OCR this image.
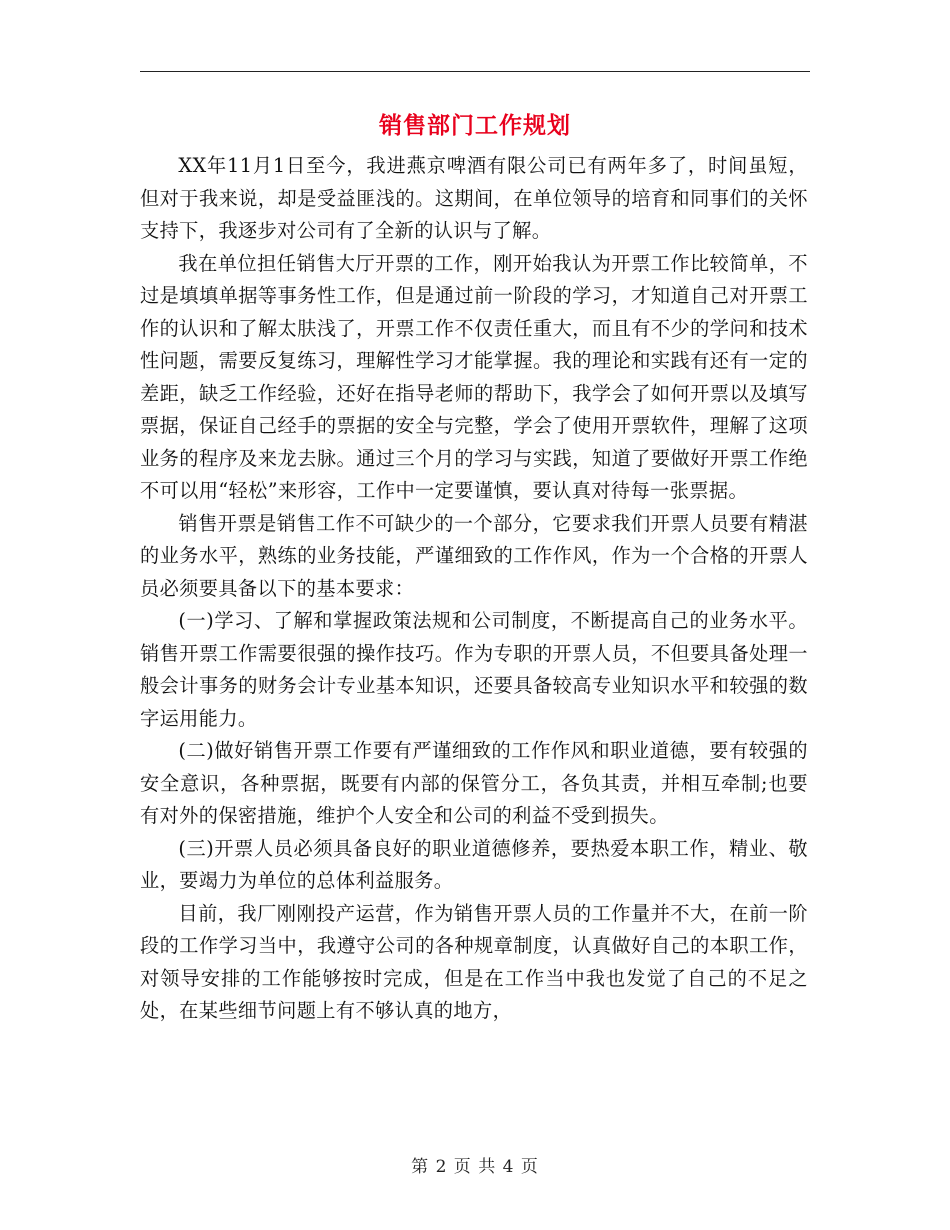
销售部门工作规划

XX年11月1日至今，我进燕京啤酒有限公司已有两年多了，时间虽短，但对于我来说，却是受益匪浅的。这期间，在单位领导的培育和同事们的关怀支持下，我逐步对公司有了全新的认识与了解。

我在单位担任销售大厅开票的工作，刚开始我认为开票工作比较简单，不过是填填单据等事务性工作，但是通过前一阶段的学习，才知道自己对开票工作的认识和了解太肤浅了，开票工作不仅责任重大，而且有不少的学问和技术性问题，需要反复练习，理解性学习才能掌握。我的理论和实践有还有一定的差距，缺乏工作经验，还好在指导老师的帮助下，我学会了如何开票以及填写票据，保证自己经手的票据的安全与完整，学会了使用开票软件，理解了这项业务的程序及来龙去脉。通过三个月的学习与实践，知道了要做好开票工作绝不可以用“轻松”来形容，工作中一定要谨慎，要认真对待每一张票据。

销售开票是销售工作不可缺少的一个部分，它要求我们开票人员要有精湛的业务水平，熟练的业务技能，严谨细致的工作作风，作为一个合格的开票人员必须要具备以下的基本要求：

(一)学习、了解和掌握政策法规和公司制度，不断提高自己的业务水平。销售开票工作需要很强的操作技巧。作为专职的开票人员，不但要具备处理一般会计事务的财务会计专业基本知识，还要具备较高专业知识水平和较强的数字运用能力。

(二)做好销售开票工作要有严谨细致的工作作风和职业道德，要有较强的安全意识，各种票据，既要有内部的保管分工，各负其责，并相互牵制;也要有对外的保密措施，维护个人安全和公司的利益不受到损失。

(三)开票人员必须具备良好的职业道德修养，要热爱本职工作，精业、敬业，要竭力为单位的总体利益服务。

目前，我厂刚刚投产运营，作为销售开票人员的工作量并不大，在前一阶段的工作学习当中，我遵守公司的各种规章制度，认真做好自己的本职工作，对领导安排的工作能够按时完成，但是在工作当中我也发觉了自己的不足之处，在某些细节问题上有不够认真的地方，

第 2 页 共 4 页
